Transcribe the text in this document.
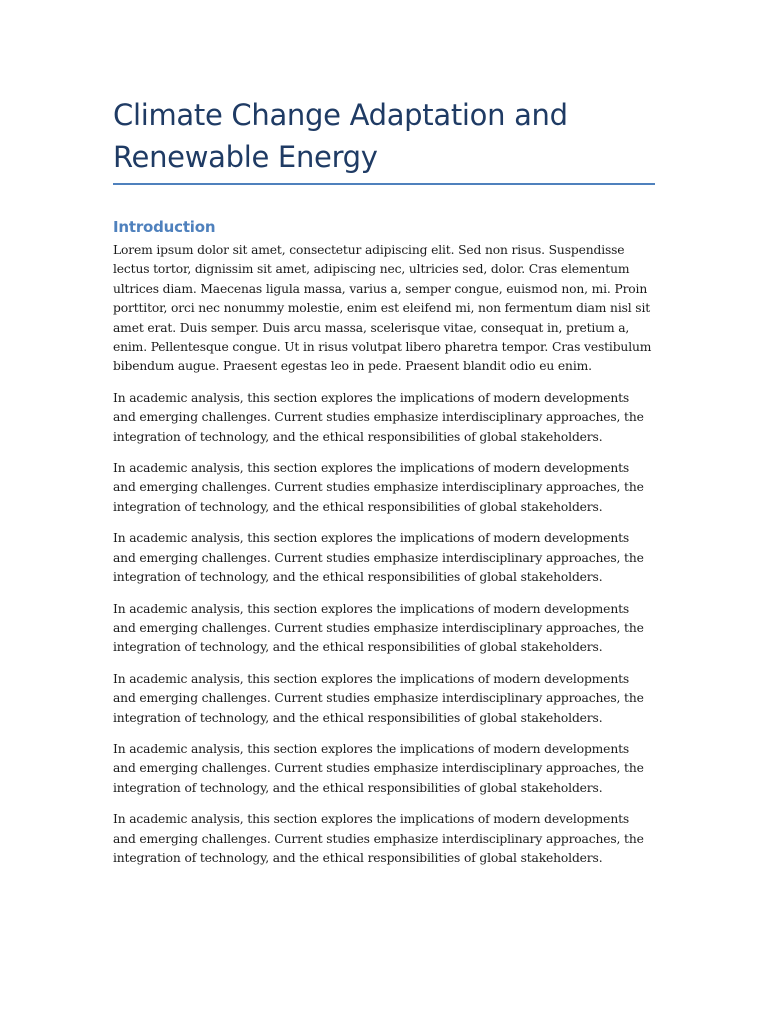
Climate Change Adaptation and Renewable Energy
Introduction

Lorem ipsum dolor sit amet, consectetur adipiscing elit. Sed non risus. Suspendisse lectus tortor, dignissim sit amet, adipiscing nec, ultricies sed, dolor. Cras elementum ultrices diam. Maecenas ligula massa, varius a, semper congue, euismod non, mi. Proin porttitor, orci nec nonummy molestie, enim est eleifend mi, non fermentum diam nisl sit amet erat. Duis semper. Duis arcu massa, scelerisque vitae, consequat in, pretium a, enim. Pellentesque congue. Ut in risus volutpat libero pharetra tempor. Cras vestibulum bibendum augue. Praesent egestas leo in pede. Praesent blandit odio eu enim.

In academic analysis, this section explores the implications of modern developments and emerging challenges. Current studies emphasize interdisciplinary approaches, the integration of technology, and the ethical responsibilities of global stakeholders.

In academic analysis, this section explores the implications of modern developments and emerging challenges. Current studies emphasize interdisciplinary approaches, the integration of technology, and the ethical responsibilities of global stakeholders.

In academic analysis, this section explores the implications of modern developments and emerging challenges. Current studies emphasize interdisciplinary approaches, the integration of technology, and the ethical responsibilities of global stakeholders.

In academic analysis, this section explores the implications of modern developments and emerging challenges. Current studies emphasize interdisciplinary approaches, the integration of technology, and the ethical responsibilities of global stakeholders.

In academic analysis, this section explores the implications of modern developments and emerging challenges. Current studies emphasize interdisciplinary approaches, the integration of technology, and the ethical responsibilities of global stakeholders.

In academic analysis, this section explores the implications of modern developments and emerging challenges. Current studies emphasize interdisciplinary approaches, the integration of technology, and the ethical responsibilities of global stakeholders.

In academic analysis, this section explores the implications of modern developments and emerging challenges. Current studies emphasize interdisciplinary approaches, the integration of technology, and the ethical responsibilities of global stakeholders.
